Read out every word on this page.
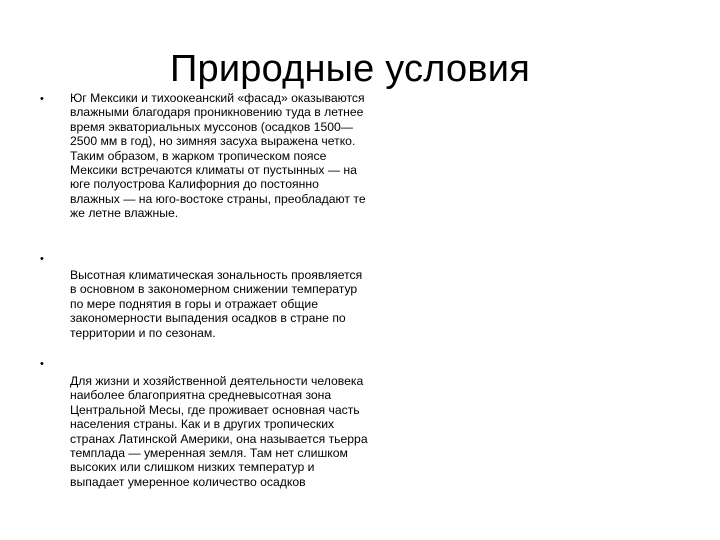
Природные условия
• Юг Мексики и тихоокеанский «фасад» оказываются влажными благодаря проникновению туда в летнее время экваториальных муссонов (осадков 1500—2500 мм в год), но зимняя засуха выражена четко. Таким образом, в жарком тропическом поясе Мексики встречаются климаты от пустынных — на юге полуострова Калифорния до постоянно влажных — на юго-востоке страны, преобладают те же летне влажные.
•
Высотная климатическая зональность проявляется в основном в закономерном снижении температур по мере поднятия в горы и отражает общие закономерности выпадения осадков в стране по территории и по сезонам.
•
Для жизни и хозяйственной деятельности человека наиболее благоприятна средневысотная зона Центральной Месы, где проживает основная часть населения страны. Как и в других тропических странах Латинской Америки, она называется тьерра темплада — умеренная земля. Там нет слишком высоких или слишком низких температур и выпадает умеренное количество осадков
